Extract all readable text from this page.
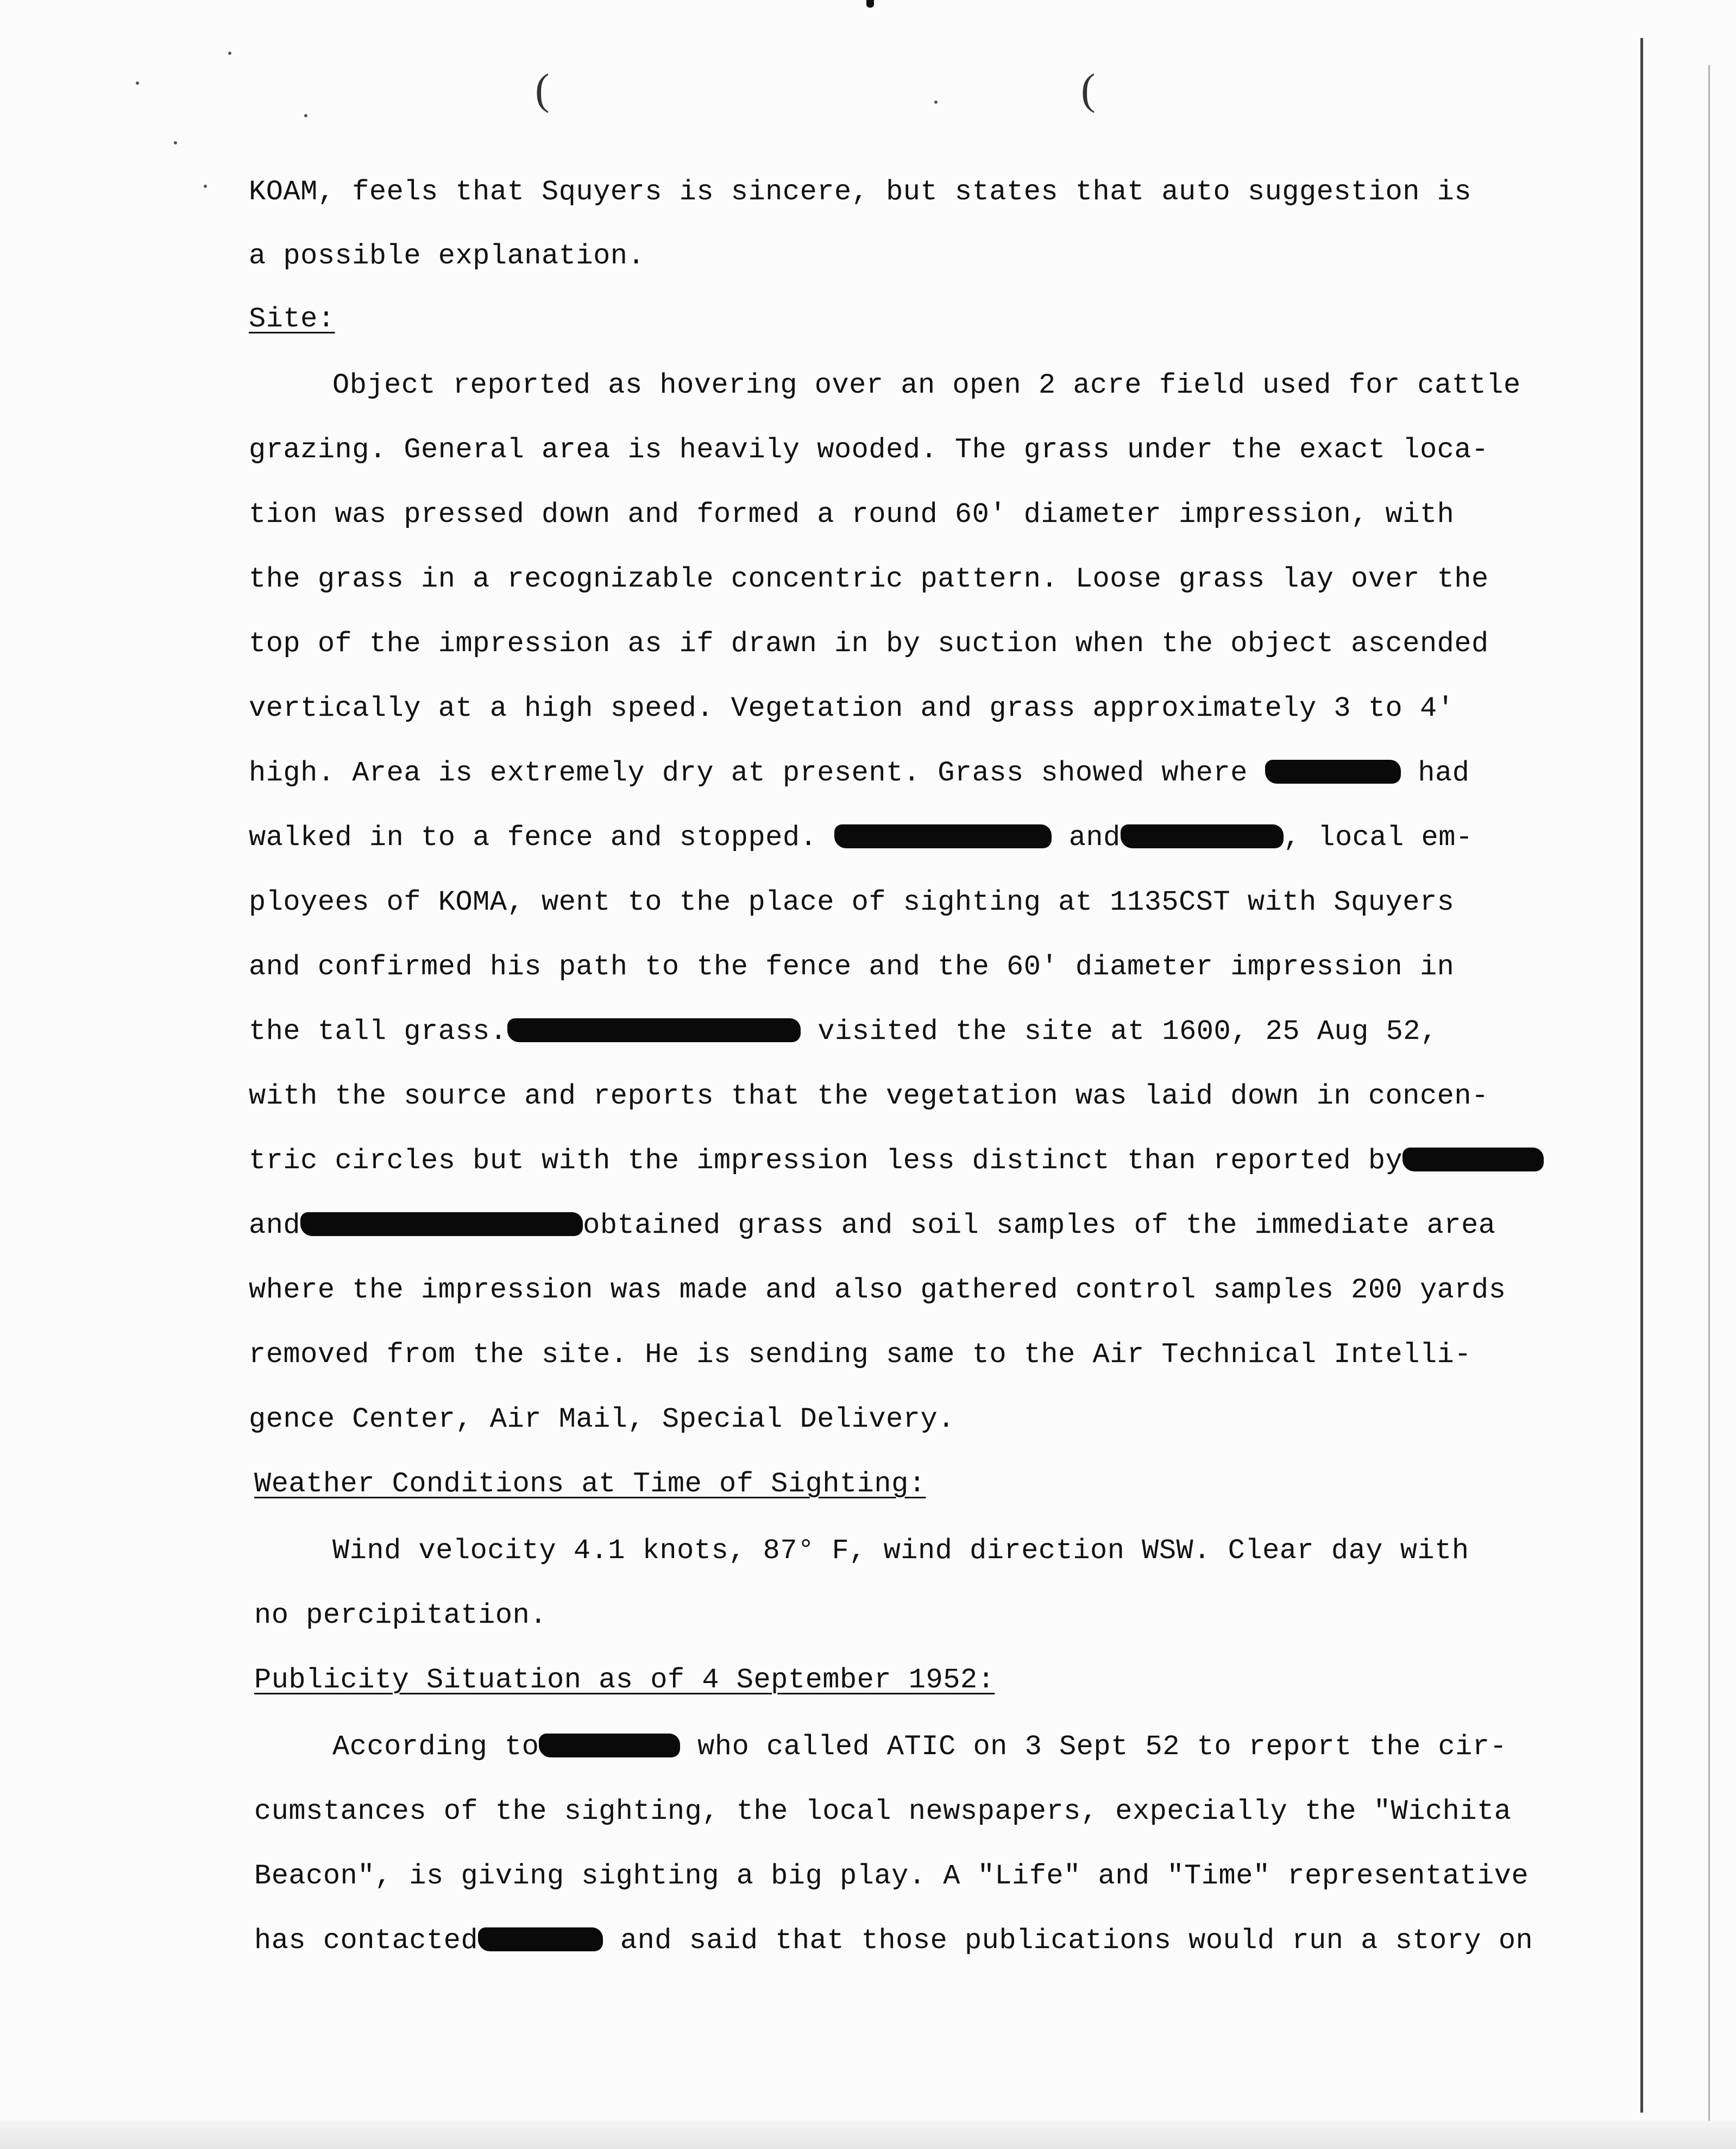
(	(
KOAM, feels that Squyers is sincere, but states that auto suggestion is
a possible explanation.
Site:
Object reported as hovering over an open 2 acre field used for cattle
grazing. General area is heavily wooded. The grass under the exact loca-
tion was pressed down and formed a round 60' diameter impression, with
the grass in a recognizable concentric pattern. Loose grass lay over the
top of the impression as if drawn in by suction when the object ascended
vertically at a high speed. Vegetation and grass approximately 3 to 4'
high. Area is extremely dry at present. Grass showed where	had
walked in to a fence and stopped.	and	, local em-
ployees of KOMA, went to the place of sighting at 1135CST with Squyers
and confirmed his path to the fence and the 60' diameter impression in
the tall grass.	visited the site at 1600, 25 Aug 52,
with the source and reports that the vegetation was laid down in concen-
tric circles but with the impression less distinct than reported by
and	obtained grass and soil samples of the immediate area
where the impression was made and also gathered control samples 200 yards
removed from the site. He is sending same to the Air Technical Intelli-
gence Center, Air Mail, Special Delivery.
Weather Conditions at Time of Sighting:
Wind velocity 4.1 knots, 87° F, wind direction WSW. Clear day with
no percipitation.
Publicity Situation as of 4 September 1952:
According to	who called ATIC on 3 Sept 52 to report the cir-
cumstances of the sighting, the local newspapers, expecially the "Wichita
Beacon", is giving sighting a big play. A "Life" and "Time" representative
has contacted	and said that those publications would run a story on
